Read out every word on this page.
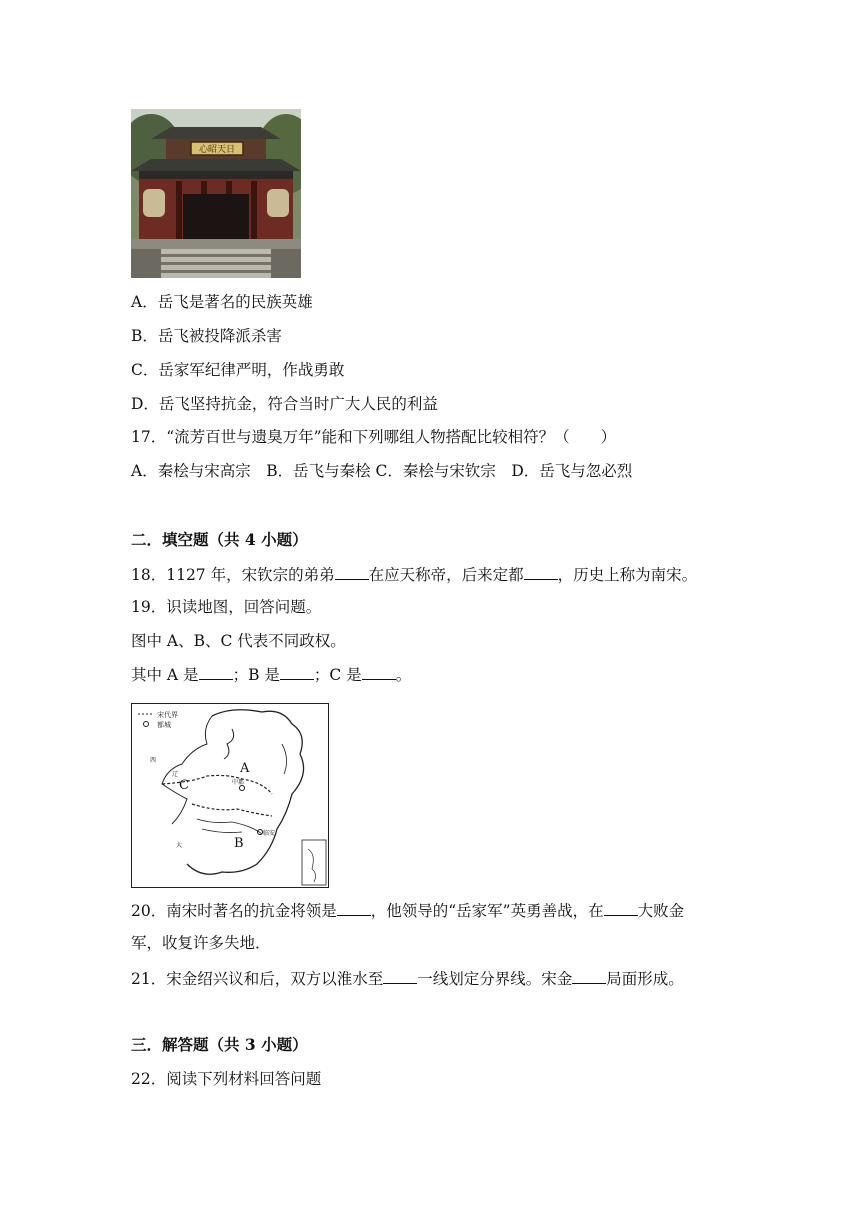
心昭天日
A．岳飞是著名的民族英雄
B．岳飞被投降派杀害
C．岳家军纪律严明，作战勇敢
D．岳飞坚持抗金，符合当时广大人民的利益
17．“流芳百世与遗臭万年”能和下列哪组人物搭配比较相符？（　　）
A．秦桧与宋高宗　B．岳飞与秦桧 C．秦桧与宋钦宗　D．岳飞与忽必烈
二．填空题（共 4 小题）
18．1127 年，宋钦宗的弟弟 在应天称帝，后来定都 ，历史上称为南宋。
19．识读地图，回答问题。
图中 A、B、C 代表不同政权。
其中 A 是 ；B 是 ；C 是 。
宋代界
都城
A
B
C	中都
临安
西
辽
大
20．南宋时著名的抗金将领是 ，他领导的“岳家军”英勇善战，在 大败金
军，收复许多失地．
21．宋金绍兴议和后，双方以淮水至 一线划定分界线。宋金 局面形成。
三．解答题（共 3 小题）
22．阅读下列材料回答问题
